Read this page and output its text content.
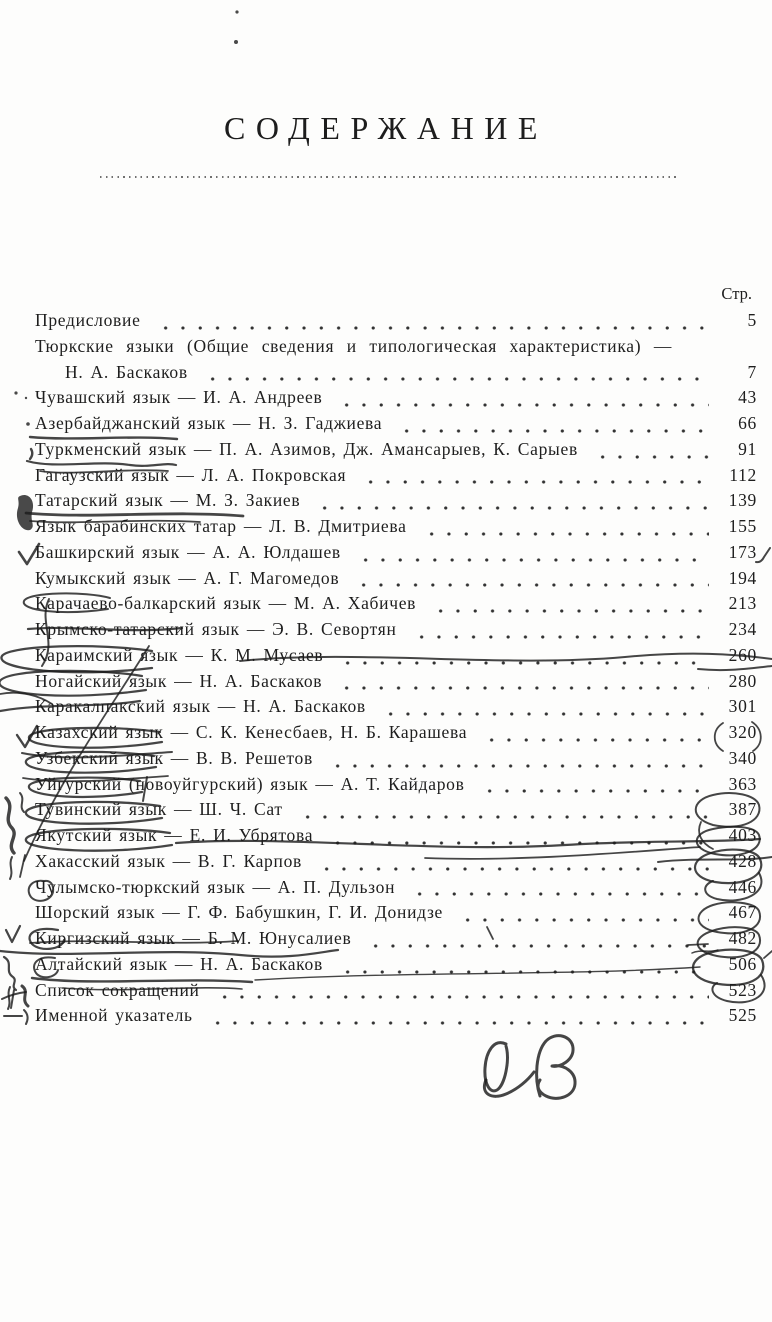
СОДЕРЖАНИЕ
Стр.
Предисловие	5
Тюркские языки (Общие сведения и типологическая характеристика) —
Н. А. Баскаков	7
Чувашский язык — И. А. Андреев	43
Азербайджанский язык — Н. З. Гаджиева	66
Туркменский язык — П. А. Азимов, Дж. Амансарыев, К. Сарыев	91
Гагаузский язык — Л. А. Покровская	112
Татарский язык — М. З. Закиев	139
Язык барабинских татар — Л. В. Дмитриева	155
Башкирский язык — А. А. Юлдашев	173
Кумыкский язык — А. Г. Магомедов	194
Карачаево-балкарский язык — М. А. Хабичев	213
Крымско-татарский язык — Э. В. Севортян	234
Караимский язык — К. М. Мусаев	260
Ногайский язык — Н. А. Баскаков	280
Каракалпакский язык — Н. А. Баскаков	301
Казахский язык — С. К. Кенесбаев, Н. Б. Карашева	320
Узбекский язык — В. В. Решетов	340
Уйгурский (новоуйгурский) язык — А. Т. Кайдаров	363
Тувинский язык — Ш. Ч. Сат	387
Якутский язык — Е. И. Убрятова	403
Хакасский язык — В. Г. Карпов	428
Чулымско-тюркский язык — А. П. Дульзон	446
Шорский язык — Г. Ф. Бабушкин, Г. И. Донидзе	467
Киргизский язык — Б. М. Юнусалиев	482
Алтайский язык — Н. А. Баскаков	506
Список сокращений	523
Именной указатель	525
